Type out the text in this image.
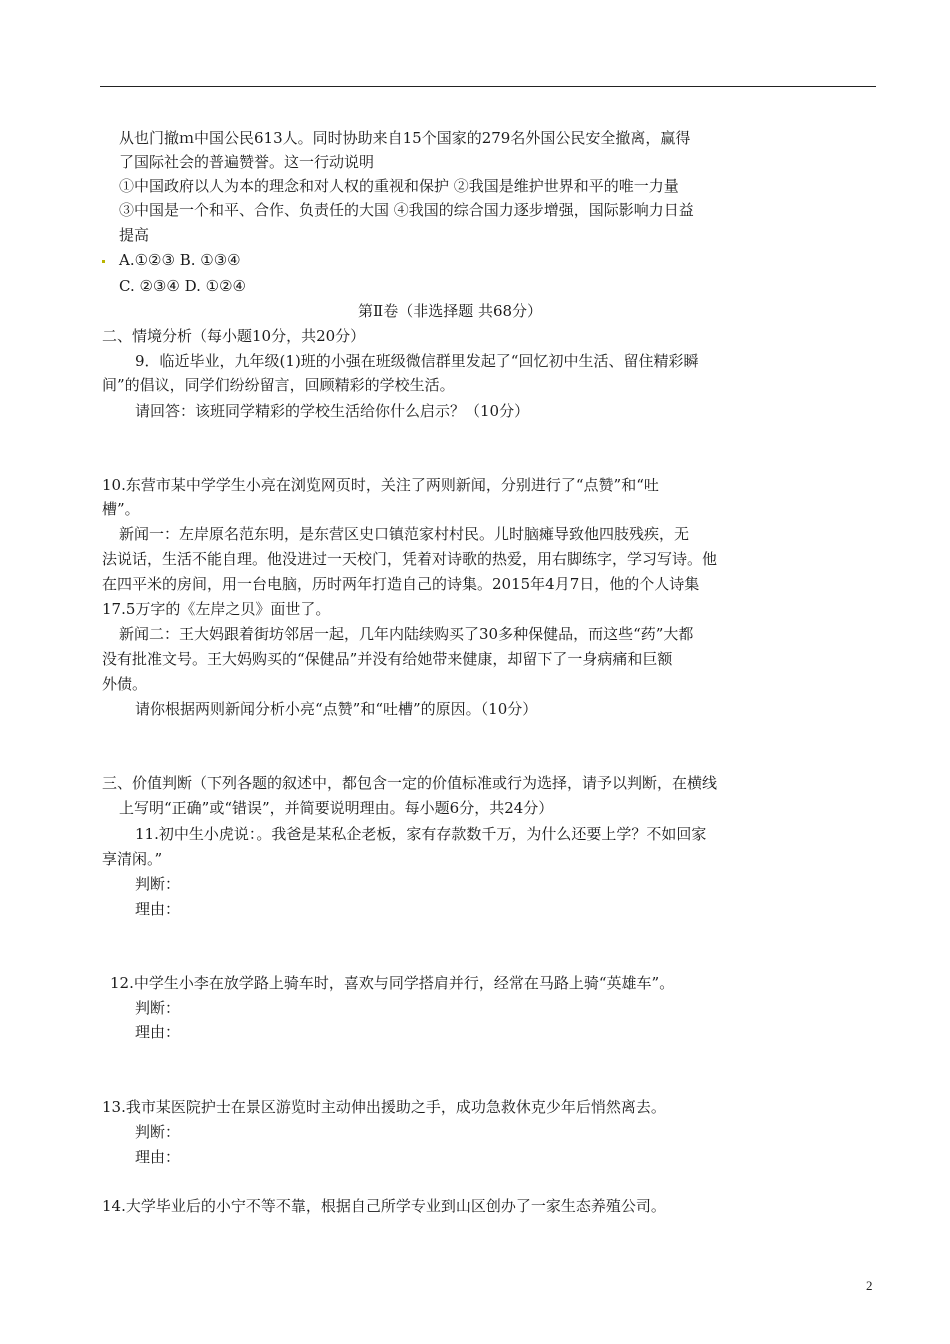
从也门撤ｍ中国公民613人。同时协助来自15个国家的279名外国公民安全撤离，赢得
了国际社会的普遍赞誉。这一行动说明
①中国政府以人为本的理念和对人权的重视和保护 ②我国是维护世界和平的唯一力量
③中国是一个和平、合作、负责任的大国 ④我国的综合国力逐步增强，国际影响力日益
提高
A.①②③ B. ①③④
C. ②③④ D. ①②④
第Ⅱ卷（非选择题 共68分）
二、情境分析（每小题10分，共20分）
9．临近毕业，九年级(1)班的小强在班级微信群里发起了“回忆初中生活、留住精彩瞬
间”的倡议，同学们纷纷留言，回顾精彩的学校生活。
请回答：该班同学精彩的学校生活给你什么启示？（10分）
10.东营市某中学学生小亮在浏览网页时，关注了两则新闻，分别进行了“点赞”和“吐
槽”。
新闻一：左岸原名范东明，是东营区史口镇范家村村民。儿时脑瘫导致他四肢残疾，无
法说话，生活不能自理。他没进过一天校门，凭着对诗歌的热爱，用右脚练字，学习写诗。他
在四平米的房间，用一台电脑，历时两年打造自己的诗集。2015年4月7日，他的个人诗集
17.5万字的《左岸之贝》面世了。
新闻二：王大妈跟着街坊邻居一起，几年内陆续购买了30多种保健品，而这些“药”大都
没有批准文号。王大妈购买的“保健品”并没有给她带来健康，却留下了一身病痛和巨额
外债。
请你根据两则新闻分析小亮“点赞”和“吐槽”的原因。（10分）
三、价值判断（下列各题的叙述中，都包含一定的价值标准或行为选择，请予以判断，在横线
上写明“正确”或“错误”，并简要说明理由。每小题6分，共24分）
11.初中生小虎说：。我爸是某私企老板，家有存款数千万，为什么还要上学？不如回家
享清闲。”
判断：
理由：
12.中学生小李在放学路上骑车时，喜欢与同学搭肩并行，经常在马路上骑“英雄车”。
判断：
理由：
13.我市某医院护士在景区游览时主动伸出援助之手，成功急救休克少年后悄然离去。
判断：
理由：
14.大学毕业后的小宁不等不靠，根据自己所学专业到山区创办了一家生态养殖公司。
2
